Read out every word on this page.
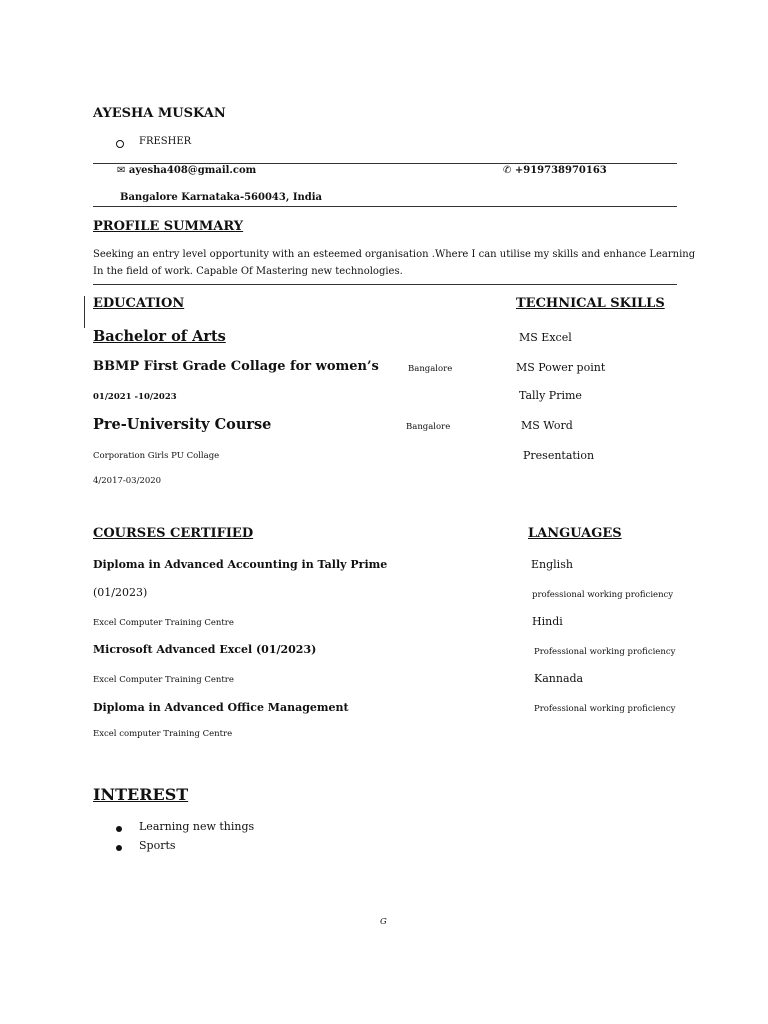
AYESHA MUSKAN
FRESHER
✉ ayesha408@gmail.com	✆ +919738970163
Bangalore Karnataka-560043, India
PROFILE SUMMARY
Seeking an entry level opportunity with an esteemed organisation .Where I can utilise my skills and enhance Learning
In the field of work. Capable Of Mastering new technologies.
EDUCATION
Bachelor of Arts
BBMP First Grade Collage for women’s	Bangalore
01/2021 -10/2023
Pre-University Course	Bangalore
Corporation Girls PU Collage
4/2017-03/2020
TECHNICAL SKILLS
MS Excel
MS Power point
Tally Prime
MS Word
Presentation
COURSES CERTIFIED
Diploma in Advanced Accounting in Tally Prime
(01/2023)
Excel Computer Training Centre
Microsoft Advanced Excel (01/2023)
Excel Computer Training Centre
Diploma in Advanced Office Management
Excel computer Training Centre
LANGUAGES
English
professional working proficiency
Hindi
Professional working proficiency
Kannada
Professional working proficiency
INTEREST
Learning new things
Sports
G
